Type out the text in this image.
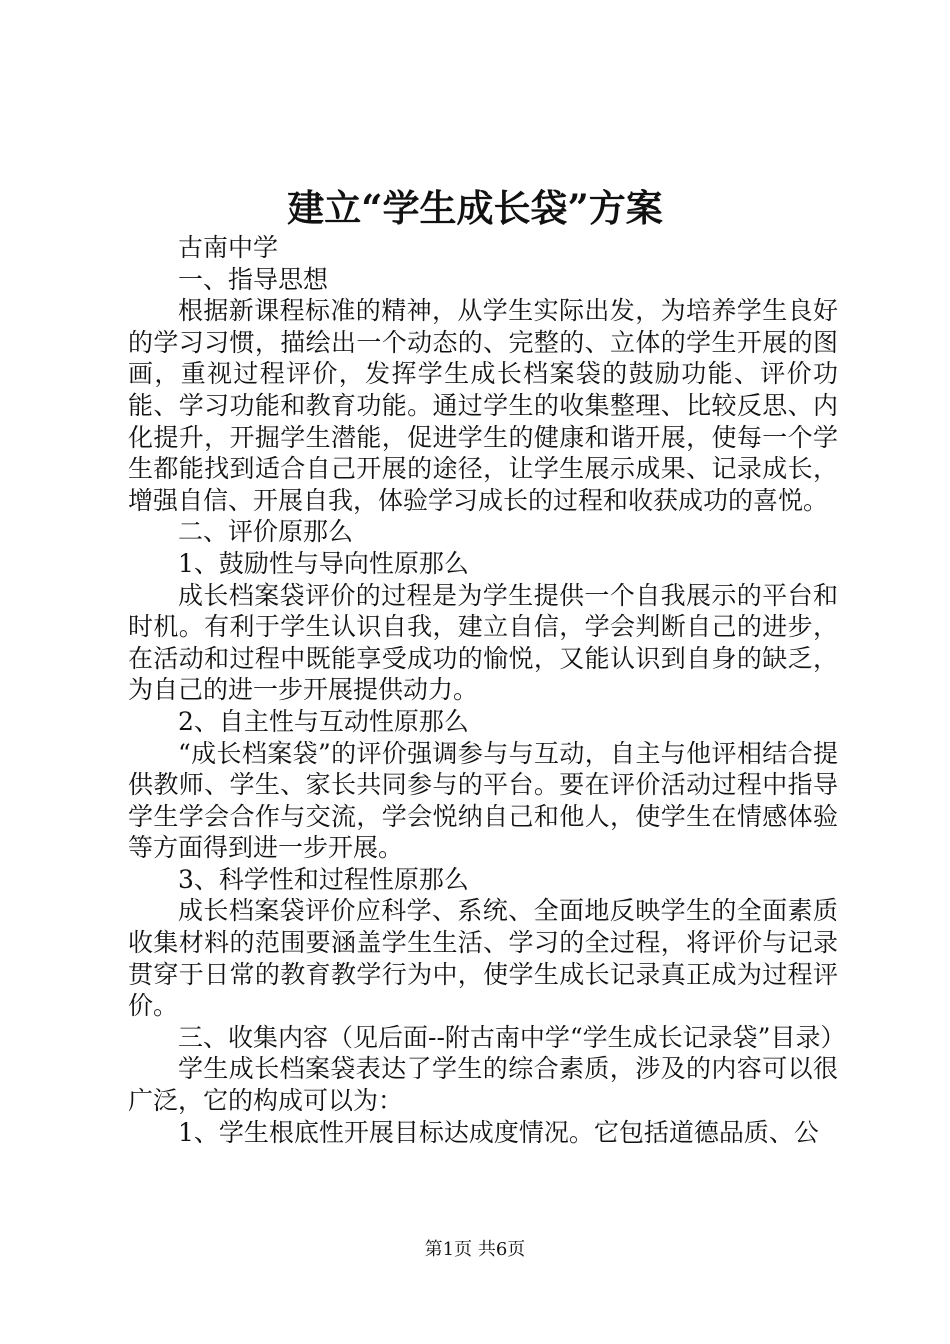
建立“学生成长袋”方案

古南中学

一、指导思想

根据新课程标准的精神，从学生实际出发，为培养学生良好的学习习惯，描绘出一个动态的、完整的、立体的学生开展的图画，重视过程评价，发挥学生成长档案袋的鼓励功能、评价功能、学习功能和教育功能。通过学生的收集整理、比较反思、内化提升，开掘学生潜能，促进学生的健康和谐开展，使每一个学生都能找到适合自己开展的途径，让学生展示成果、记录成长，增强自信、开展自我，体验学习成长的过程和收获成功的喜悦。

二、评价原那么

1、鼓励性与导向性原那么

成长档案袋评价的过程是为学生提供一个自我展示的平台和时机。有利于学生认识自我，建立自信，学会判断自己的进步，在活动和过程中既能享受成功的愉悦，又能认识到自身的缺乏，为自己的进一步开展提供动力。

2、自主性与互动性原那么

“成长档案袋”的评价强调参与与互动，自主与他评相结合提供教师、学生、家长共同参与的平台。要在评价活动过程中指导学生学会合作与交流，学会悦纳自己和他人，使学生在情感体验等方面得到进一步开展。

3、科学性和过程性原那么

成长档案袋评价应科学、系统、全面地反映学生的全面素质收集材料的范围要涵盖学生生活、学习的全过程，将评价与记录贯穿于日常的教育教学行为中，使学生成长记录真正成为过程评价。

三、收集内容（见后面--附古南中学“学生成长记录袋”目录）

学生成长档案袋表达了学生的综合素质，涉及的内容可以很广泛，它的构成可以为：

1、学生根底性开展目标达成度情况。它包括道德品质、公

第1页 共6页
